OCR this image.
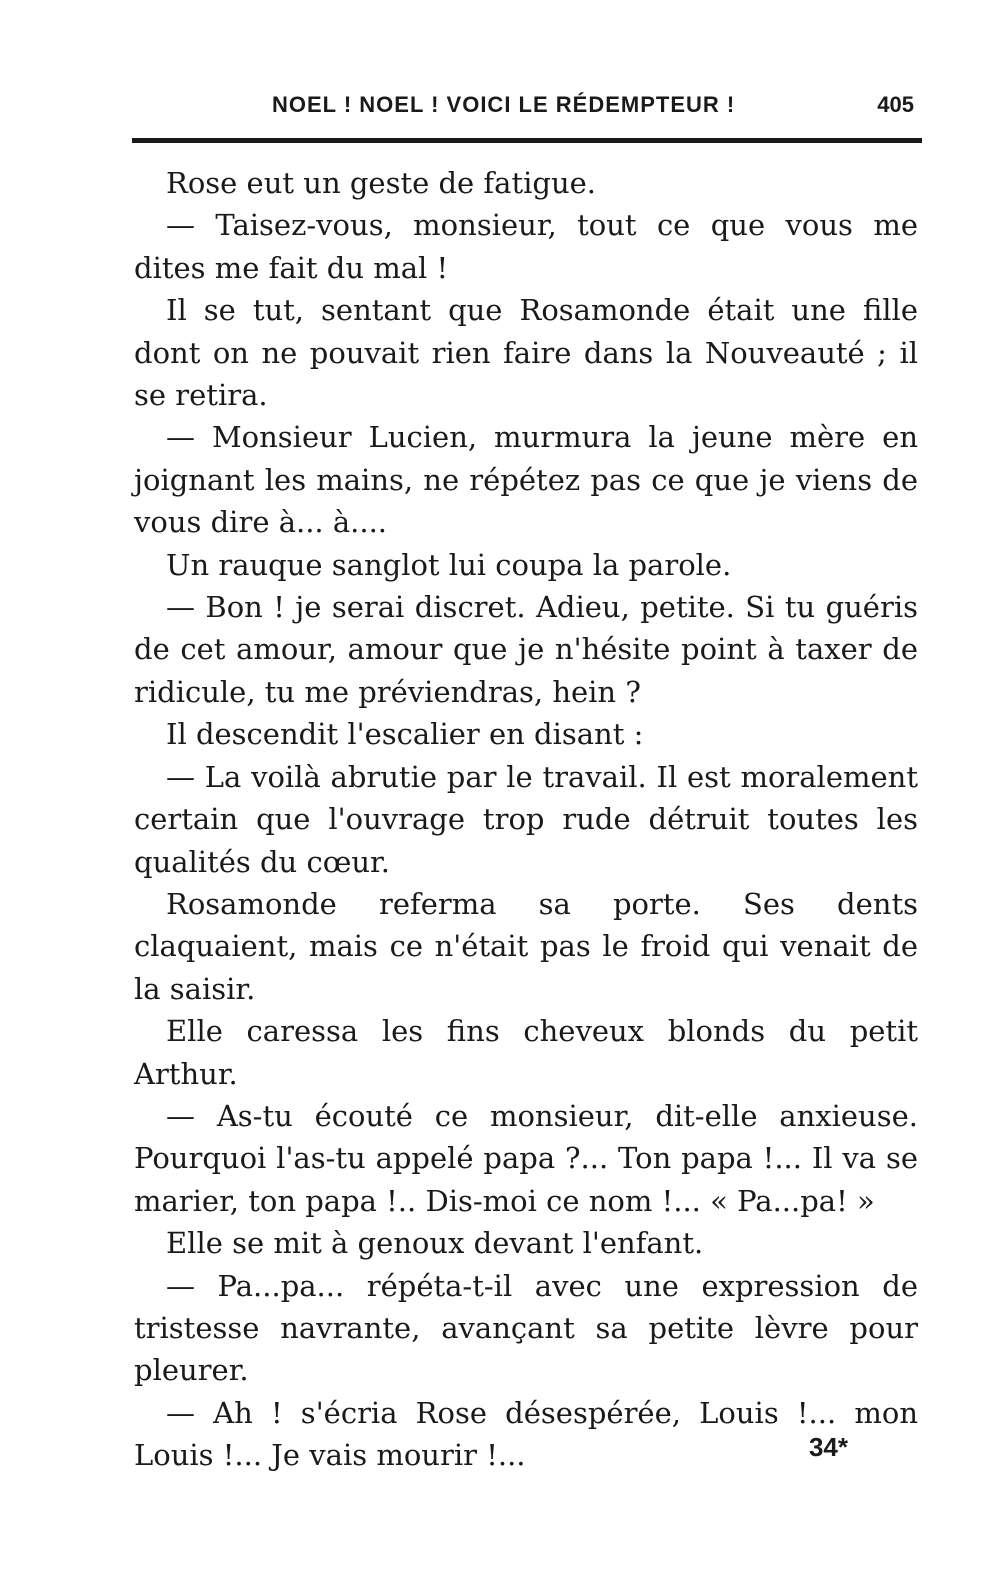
NOEL ! NOEL ! VOICI LE RÉDEMPTEUR !	405

Rose eut un geste de fatigue.

— Taisez-vous, monsieur, tout ce que vous me dites me fait du mal !

Il se tut, sentant que Rosamonde était une fille dont on ne pouvait rien faire dans la Nouveauté ; il se retira.

— Monsieur Lucien, murmura la jeune mère en joignant les mains, ne répétez pas ce que je viens de vous dire à... à....

Un rauque sanglot lui coupa la parole.

— Bon ! je serai discret. Adieu, petite. Si tu guéris de cet amour, amour que je n'hésite point à taxer de ridicule, tu me préviendras, hein ?

Il descendit l'escalier en disant :

— La voilà abrutie par le travail. Il est moralement certain que l'ouvrage trop rude détruit toutes les qualités du cœur.

Rosamonde referma sa porte. Ses dents claquaient, mais ce n'était pas le froid qui venait de la saisir.

Elle caressa les fins cheveux blonds du petit Arthur.

— As-tu écouté ce monsieur, dit-elle anxieuse. Pourquoi l'as-tu appelé papa ?... Ton papa !... Il va se marier, ton papa !.. Dis-moi ce nom !... « Pa...pa! »

Elle se mit à genoux devant l'enfant.

— Pa...pa... répéta-t-il avec une expression de tristesse navrante, avançant sa petite lèvre pour pleurer.

— Ah ! s'écria Rose désespérée, Louis !... mon Louis !... Je vais mourir !...	34*
